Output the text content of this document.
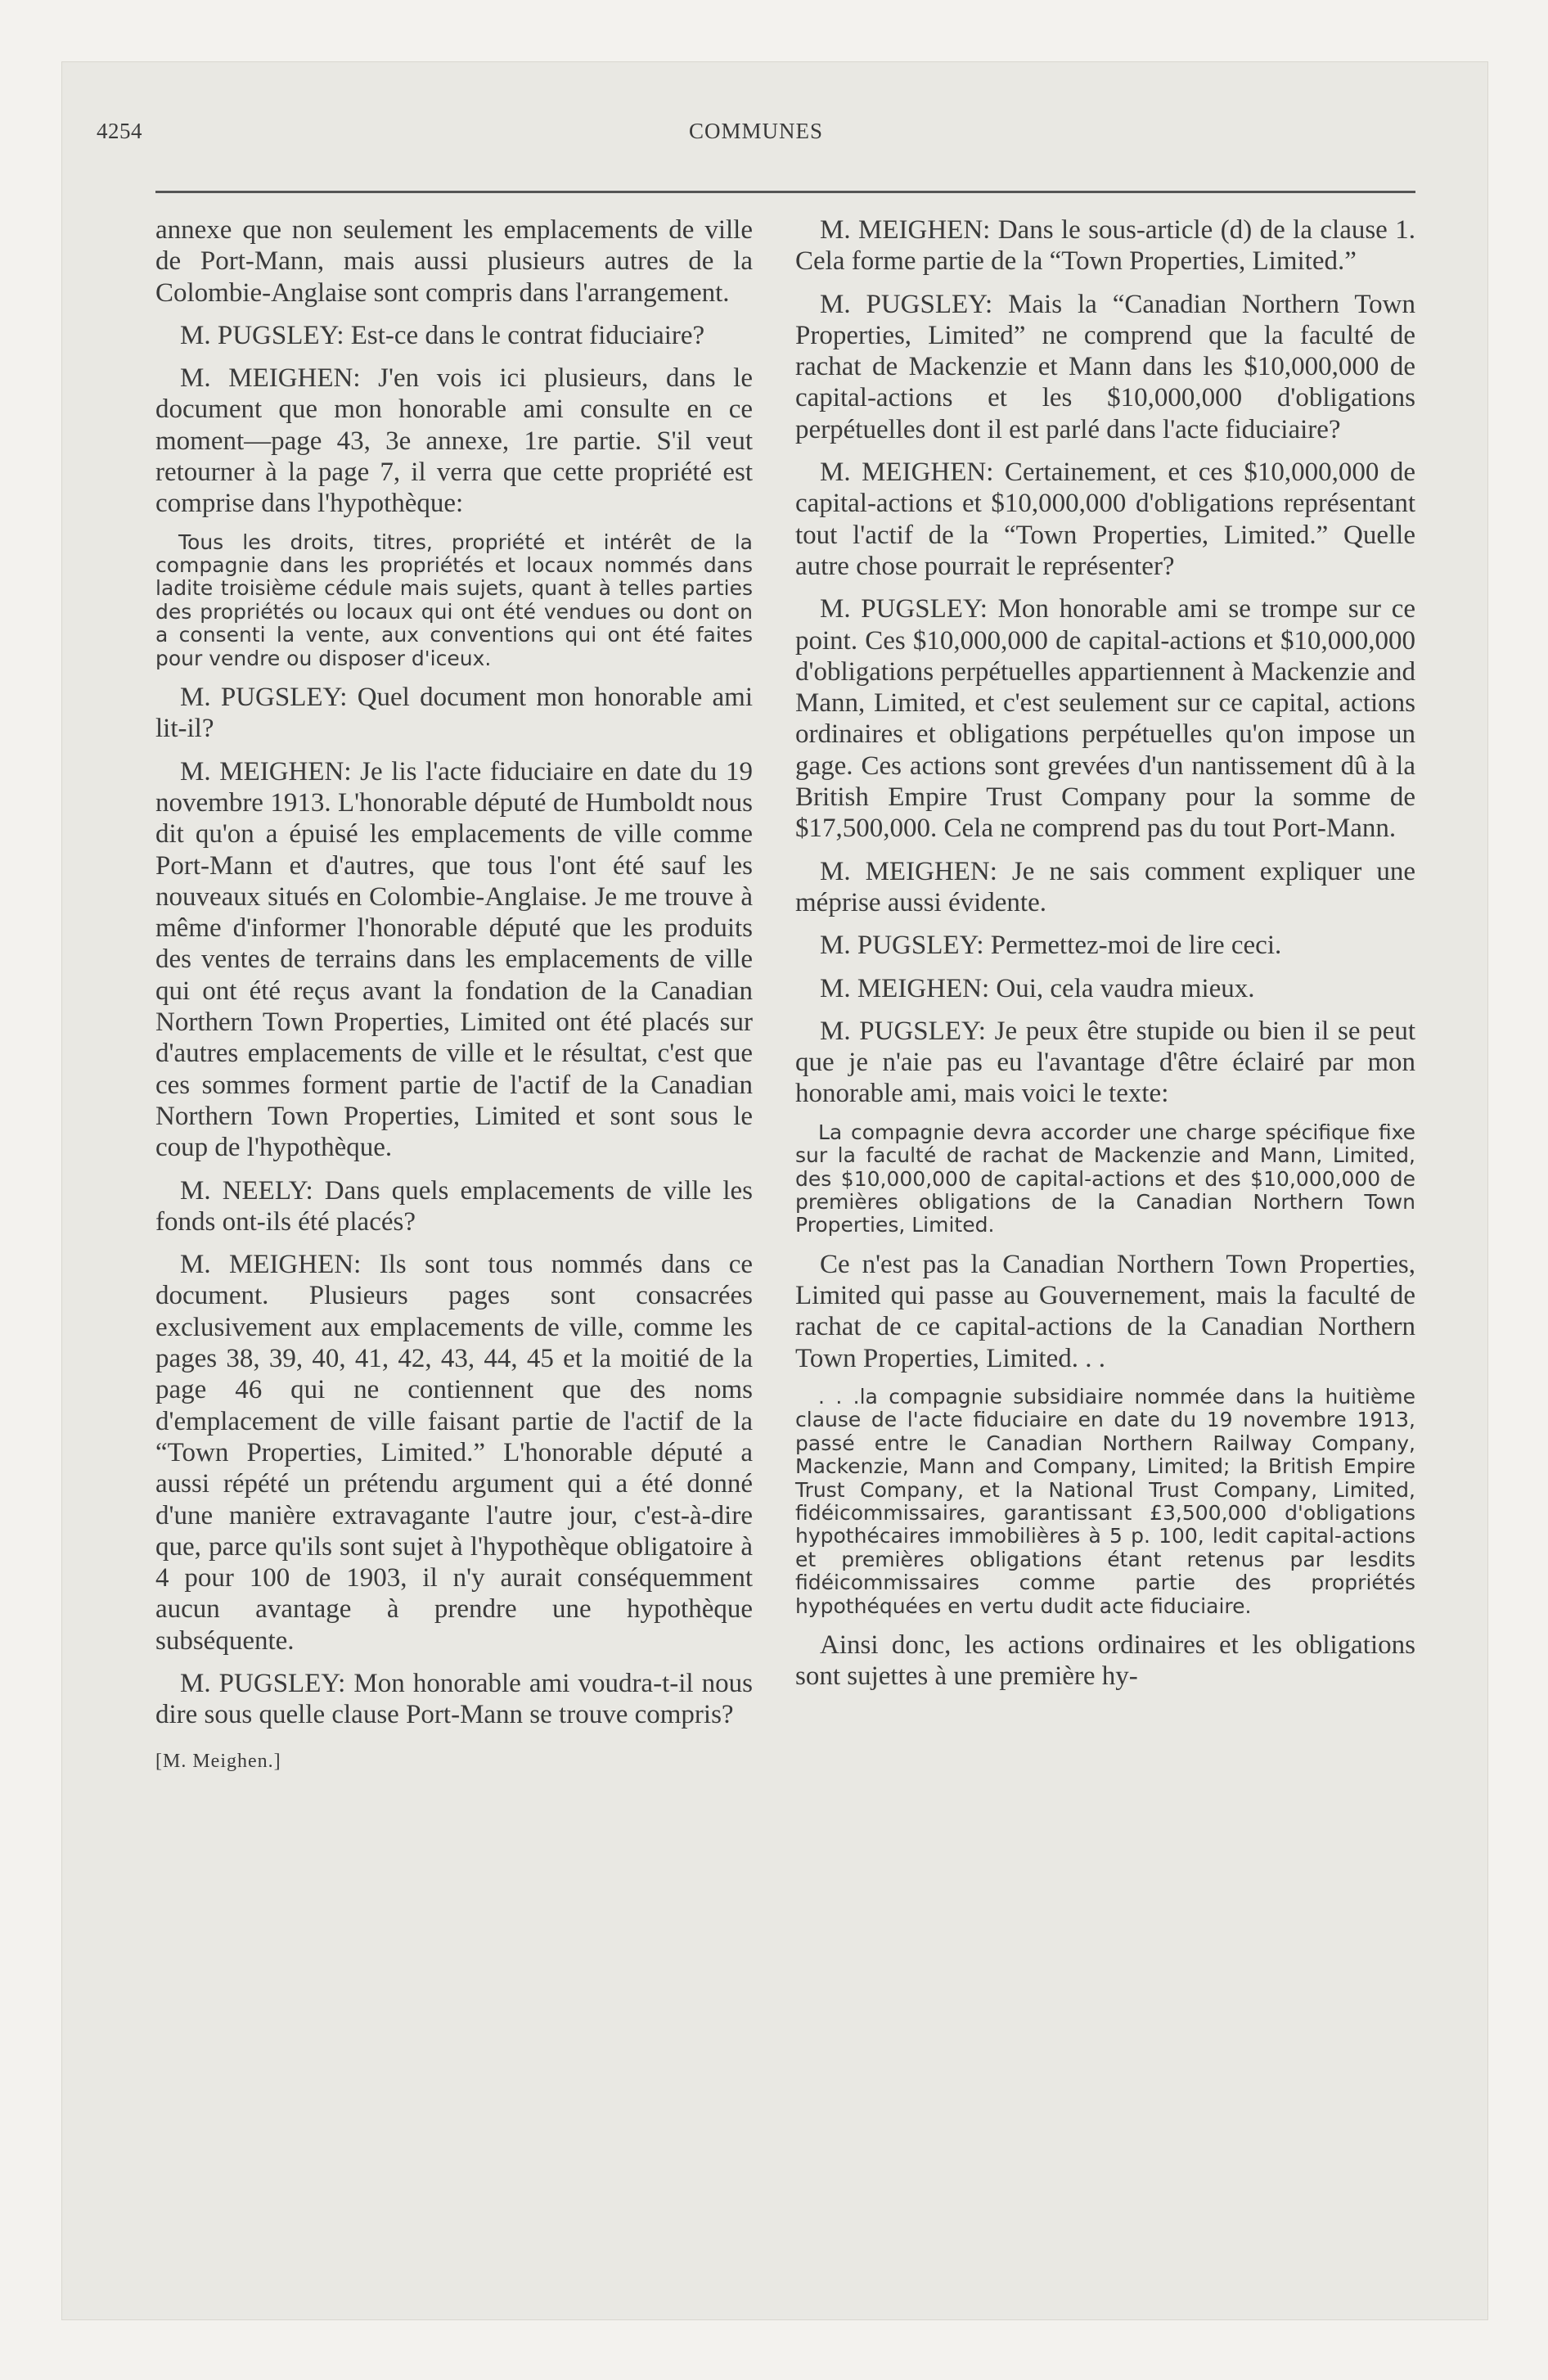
4254	COMMUNES

annexe que non seulement les emplacements de ville de Port-Mann, mais aussi plusieurs autres de la Colombie-Anglaise sont compris dans l'arrangement.

M. PUGSLEY: Est-ce dans le contrat fiduciaire?

M. MEIGHEN: J'en vois ici plusieurs, dans le document que mon honorable ami consulte en ce moment—page 43, 3e annexe, 1re partie. S'il veut retourner à la page 7, il verra que cette propriété est comprise dans l'hypothèque:

Tous les droits, titres, propriété et intérêt de la compagnie dans les propriétés et locaux nommés dans ladite troisième cédule mais sujets, quant à telles parties des propriétés ou locaux qui ont été vendues ou dont on a consenti la vente, aux conventions qui ont été faites pour vendre ou disposer d'iceux.

M. PUGSLEY: Quel document mon honorable ami lit-il?

M. MEIGHEN: Je lis l'acte fiduciaire en date du 19 novembre 1913. L'honorable député de Humboldt nous dit qu'on a épuisé les emplacements de ville comme Port-Mann et d'autres, que tous l'ont été sauf les nouveaux situés en Colombie-Anglaise. Je me trouve à même d'informer l'honorable député que les produits des ventes de terrains dans les emplacements de ville qui ont été reçus avant la fondation de la Canadian Northern Town Properties, Limited ont été placés sur d'autres emplacements de ville et le résultat, c'est que ces sommes forment partie de l'actif de la Canadian Northern Town Properties, Limited et sont sous le coup de l'hypothèque.

M. NEELY: Dans quels emplacements de ville les fonds ont-ils été placés?

M. MEIGHEN: Ils sont tous nommés dans ce document. Plusieurs pages sont consacrées exclusivement aux emplacements de ville, comme les pages 38, 39, 40, 41, 42, 43, 44, 45 et la moitié de la page 46 qui ne contiennent que des noms d'emplacement de ville faisant partie de l'actif de la “Town Properties, Limited.” L'honorable député a aussi répété un prétendu argument qui a été donné d'une manière extravagante l'autre jour, c'est-à-dire que, parce qu'ils sont sujet à l'hypothèque obligatoire à 4 pour 100 de 1903, il n'y aurait conséquemment aucun avantage à prendre une hypothèque subséquente.

M. PUGSLEY: Mon honorable ami voudra-t-il nous dire sous quelle clause Port-Mann se trouve compris?

[M. Meighen.]

M. MEIGHEN: Dans le sous-article (d) de la clause 1. Cela forme partie de la “Town Properties, Limited.”

M. PUGSLEY: Mais la “Canadian Northern Town Properties, Limited” ne comprend que la faculté de rachat de Mackenzie et Mann dans les $10,000,000 de capital-actions et les $10,000,000 d'obligations perpétuelles dont il est parlé dans l'acte fiduciaire?

M. MEIGHEN: Certainement, et ces $10,000,000 de capital-actions et $10,000,000 d'obligations représentant tout l'actif de la “Town Properties, Limited.” Quelle autre chose pourrait le représenter?

M. PUGSLEY: Mon honorable ami se trompe sur ce point. Ces $10,000,000 de capital-actions et $10,000,000 d'obligations perpétuelles appartiennent à Mackenzie and Mann, Limited, et c'est seulement sur ce capital, actions ordinaires et obligations perpétuelles qu'on impose un gage. Ces actions sont grevées d'un nantissement dû à la British Empire Trust Company pour la somme de $17,500,000. Cela ne comprend pas du tout Port-Mann.

M. MEIGHEN: Je ne sais comment expliquer une méprise aussi évidente.

M. PUGSLEY: Permettez-moi de lire ceci.

M. MEIGHEN: Oui, cela vaudra mieux.

M. PUGSLEY: Je peux être stupide ou bien il se peut que je n'aie pas eu l'avantage d'être éclairé par mon honorable ami, mais voici le texte:

La compagnie devra accorder une charge spécifique fixe sur la faculté de rachat de Mackenzie and Mann, Limited, des $10,000,000 de capital-actions et des $10,000,000 de premières obligations de la Canadian Northern Town Properties, Limited.

Ce n'est pas la Canadian Northern Town Properties, Limited qui passe au Gouvernement, mais la faculté de rachat de ce capital-actions de la Canadian Northern Town Properties, Limited. . .

. . .la compagnie subsidiaire nommée dans la huitième clause de l'acte fiduciaire en date du 19 novembre 1913, passé entre le Canadian Northern Railway Company, Mackenzie, Mann and Company, Limited; la British Empire Trust Company, et la National Trust Company, Limited, fidéicommissaires, garantissant £3,500,000 d'obligations hypothécaires immobilières à 5 p. 100, ledit capital-actions et premières obligations étant retenus par lesdits fidéicommissaires comme partie des propriétés hypothéquées en vertu dudit acte fiduciaire.

Ainsi donc, les actions ordinaires et les obligations sont sujettes à une première hy-
